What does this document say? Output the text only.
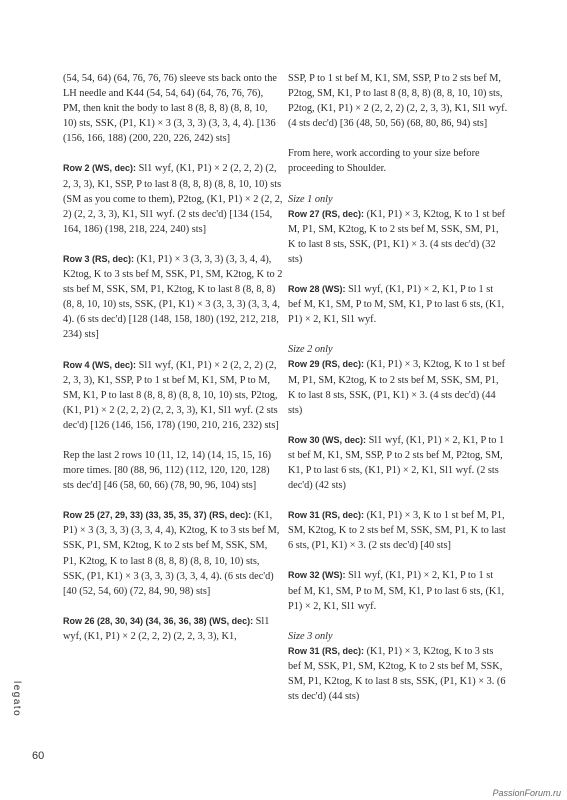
(54, 54, 64) (64, 76, 76, 76) sleeve sts back onto the LH needle and K44 (54, 54, 64) (64, 76, 76, 76), PM, then knit the body to last 8 (8, 8, 8) (8, 8, 10, 10) sts, SSK, (P1, K1) × 3 (3, 3, 3) (3, 3, 4, 4). [136 (156, 166, 188) (200, 220, 226, 242) sts]

Row 2 (WS, dec): Sl1 wyf, (K1, P1) × 2 (2, 2, 2) (2, 2, 3, 3), K1, SSP, P to last 8 (8, 8, 8) (8, 8, 10, 10) sts (SM as you come to them), P2tog, (K1, P1) × 2 (2, 2, 2) (2, 2, 3, 3), K1, Sl1 wyf. (2 sts dec'd) [134 (154, 164, 186) (198, 218, 224, 240) sts]

Row 3 (RS, dec): (K1, P1) × 3 (3, 3, 3) (3, 3, 4, 4), K2tog, K to 3 sts bef M, SSK, P1, SM, K2tog, K to 2 sts bef M, SSK, SM, P1, K2tog, K to last 8 (8, 8, 8) (8, 8, 10, 10) sts, SSK, (P1, K1) × 3 (3, 3, 3) (3, 3, 4, 4). (6 sts dec'd) [128 (148, 158, 180) (192, 212, 218, 234) sts]

Row 4 (WS, dec): Sl1 wyf, (K1, P1) × 2 (2, 2, 2) (2, 2, 3, 3), K1, SSP, P to 1 st bef M, K1, SM, P to M, SM, K1, P to last 8 (8, 8, 8) (8, 8, 10, 10) sts, P2tog, (K1, P1) × 2 (2, 2, 2) (2, 2, 3, 3), K1, Sl1 wyf. (2 sts dec'd) [126 (146, 156, 178) (190, 210, 216, 232) sts]

Rep the last 2 rows 10 (11, 12, 14) (14, 15, 15, 16) more times. [80 (88, 96, 112) (112, 120, 120, 128) sts dec'd] [46 (58, 60, 66) (78, 90, 96, 104) sts]

Row 25 (27, 29, 33) (33, 35, 35, 37) (RS, dec): (K1, P1) × 3 (3, 3, 3) (3, 3, 4, 4), K2tog, K to 3 sts bef M, SSK, P1, SM, K2tog, K to 2 sts bef M, SSK, SM, P1, K2tog, K to last 8 (8, 8, 8) (8, 8, 10, 10) sts, SSK, (P1, K1) × 3 (3, 3, 3) (3, 3, 4, 4). (6 sts dec'd) [40 (52, 54, 60) (72, 84, 90, 98) sts]

Row 26 (28, 30, 34) (34, 36, 36, 38) (WS, dec): Sl1 wyf, (K1, P1) × 2 (2, 2, 2) (2, 2, 3, 3), K1,

SSP, P to 1 st bef M, K1, SM, SSP, P to 2 sts bef M, P2tog, SM, K1, P to last 8 (8, 8, 8) (8, 8, 10, 10) sts, P2tog, (K1, P1) × 2 (2, 2, 2) (2, 2, 3, 3), K1, Sl1 wyf. (4 sts dec'd) [36 (48, 50, 56) (68, 80, 86, 94) sts]

From here, work according to your size before proceeding to Shoulder.

Size 1 only

Row 27 (RS, dec): (K1, P1) × 3, K2tog, K to 1 st bef M, P1, SM, K2tog, K to 2 sts bef M, SSK, SM, P1, K to last 8 sts, SSK, (P1, K1) × 3. (4 sts dec'd) (32 sts)

Row 28 (WS): Sl1 wyf, (K1, P1) × 2, K1, P to 1 st bef M, K1, SM, P to M, SM, K1, P to last 6 sts, (K1, P1) × 2, K1, Sl1 wyf.

Size 2 only

Row 29 (RS, dec): (K1, P1) × 3, K2tog, K to 1 st bef M, P1, SM, K2tog, K to 2 sts bef M, SSK, SM, P1, K to last 8 sts, SSK, (P1, K1) × 3. (4 sts dec'd) (44 sts)

Row 30 (WS, dec): Sl1 wyf, (K1, P1) × 2, K1, P to 1 st bef M, K1, SM, SSP, P to 2 sts bef M, P2tog, SM, K1, P to last 6 sts, (K1, P1) × 2, K1, Sl1 wyf. (2 sts dec'd) (42 sts)

Row 31 (RS, dec): (K1, P1) × 3, K to 1 st bef M, P1, SM, K2tog, K to 2 sts bef M, SSK, SM, P1, K to last 6 sts, (P1, K1) × 3. (2 sts dec'd) [40 sts]

Row 32 (WS): Sl1 wyf, (K1, P1) × 2, K1, P to 1 st bef M, K1, SM, P to M, SM, K1, P to last 6 sts, (K1, P1) × 2, K1, Sl1 wyf.

Size 3 only

Row 31 (RS, dec): (K1, P1) × 3, K2tog, K to 3 sts bef M, SSK, P1, SM, K2tog, K to 2 sts bef M, SSK, SM, P1, K2tog, K to last 8 sts, SSK, (P1, K1) × 3. (6 sts dec'd) (44 sts)

legato
60
PassionForum.ru
